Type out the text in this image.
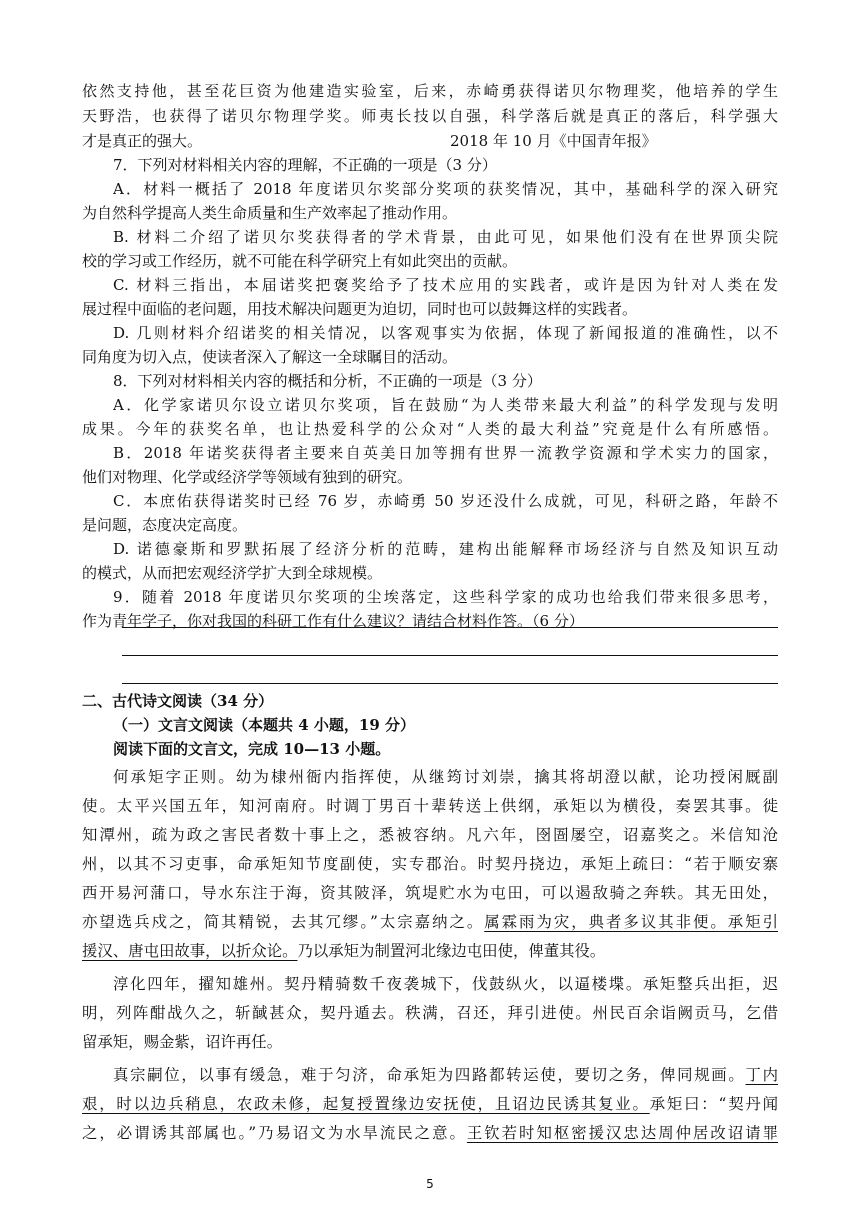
依然支持他，甚至花巨资为他建造实验室，后来，赤崎勇获得诺贝尔物理奖，他培养的学生
天野浩，也获得了诺贝尔物理学奖。师夷长技以自强，科学落后就是真正的落后，科学强大
才是真正的强大。	2018 年 10 月《中国青年报》
7．下列对材料相关内容的理解，不正确的一项是（3 分）
A．材料一概括了 2018 年度诺贝尔奖部分奖项的获奖情况，其中，基础科学的深入研究
为自然科学提高人类生命质量和生产效率起了推动作用。
B. 材料二介绍了诺贝尔奖获得者的学术背景，由此可见，如果他们没有在世界顶尖院
校的学习或工作经历，就不可能在科学研究上有如此突出的贡献。
C. 材料三指出，本届诺奖把褒奖给予了技术应用的实践者，或许是因为针对人类在发
展过程中面临的老问题，用技术解决问题更为迫切，同时也可以鼓舞这样的实践者。
D. 几则材料介绍诺奖的相关情况，以客观事实为依据，体现了新闻报道的准确性，以不
同角度为切入点，使读者深入了解这一全球瞩目的活动。
8．下列对材料相关内容的概括和分析，不正确的一项是（3 分）
A．化学家诺贝尔设立诺贝尔奖项，旨在鼓励“为人类带来最大利益”的科学发现与发明
成果。今年的获奖名单，也让热爱科学的公众对“人类的最大利益”究竟是什么有所感悟。
B．2018 年诺奖获得者主要来自英美日加等拥有世界一流教学资源和学术实力的国家，
他们对物理、化学或经济学等领域有独到的研究。
C．本庶佑获得诺奖时已经 76 岁，赤崎勇 50 岁还没什么成就，可见，科研之路，年龄不
是问题，态度决定高度。
D. 诺德豪斯和罗默拓展了经济分析的范畴，建构出能解释市场经济与自然及知识互动
的模式，从而把宏观经济学扩大到全球规模。
9．随着 2018 年度诺贝尔奖项的尘埃落定，这些科学家的成功也给我们带来很多思考，
作为青年学子，你对我国的科研工作有什么建议？请结合材料作答。（6 分）
二、古代诗文阅读（34 分）
（一）文言文阅读（本题共 4 小题，19 分）
阅读下面的文言文，完成 10—13 小题。
何承矩字正则。幼为棣州衙内指挥使，从继筠讨刘崇，擒其将胡澄以献，论功授闲厩副
使。太平兴国五年，知河南府。时调丁男百十辈转送上供纲，承矩以为横役，奏罢其事。徙
知潭州，疏为政之害民者数十事上之，悉被容纳。凡六年，囹圄屡空，诏嘉奖之。米信知沧
州，以其不习吏事，命承矩知节度副使，实专郡治。时契丹挠边，承矩上疏曰：“若于顺安寨
西开易河蒲口，导水东注于海，资其陂泽，筑堤贮水为屯田，可以遏敌骑之奔轶。其无田处，
亦望选兵戍之，简其精锐，去其冗缪。”太宗嘉纳之。属霖雨为灾，典者多议其非便。承矩引
援汉、唐屯田故事，以折众论。乃以承矩为制置河北缘边屯田使，俾董其役。
淳化四年，擢知雄州。契丹精骑数千夜袭城下，伐鼓纵火，以逼楼堞。承矩整兵出拒，迟
明，列阵酣战久之，斩馘甚众，契丹遁去。秩满，召还，拜引进使。州民百余诣阙贡马，乞借
留承矩，赐金紫，诏许再任。
真宗嗣位，以事有缓急，难于匀济，命承矩为四路都转运使，要切之务，俾同规画。丁内
艰，时以边兵稍息，农政未修，起复授置缘边安抚使，且诏边民诱其复业。承矩曰：“契丹闻
之，必谓诱其部属也。”乃易诏文为水旱流民之意。王钦若时知枢密援汉忠达周仲居改诏请罪
5
